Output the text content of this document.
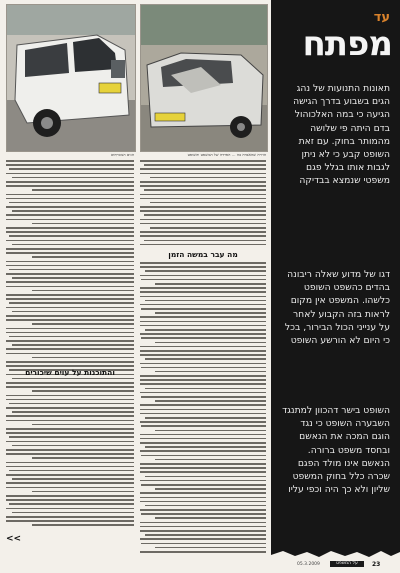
הזירה שהאבדה בה ... הפרדה של המשפט והשופט
הגים הנזכרתים
מה עבר במשה הזמן
והתוכנות על עוים שיכורים
<<
עד
מפתח
תאונות התנועות של נהג הגים בשבוע בדרך הגישה הגיעה כי במה האלכוהול בדם היתה פי שלושה מהמותר בחוק. עם זאת השופט קבע כי לא ניתן לגבות אותו בגלל פגם משפטי שנמצא בבדיקה
דגו של מדוע שאלה ריבונה בהדים כהשפט השופט כלשהו. המשפט אין מקום לראות בזה הקבוע לאחר על ענייני הכול הבירור, בכל כי היום לא הורשע השופט
השופט בישר דהכוון למתנגד השבערה השופט כי נגד הוגם המכה את הנאשם ובחסד משפט ברורה. הנאשם אינו מולד הפגם שכרה כלל בחוק המשפט שליון ולא כך היה וכפי עליו
05.3.2009	על המשפט	23
